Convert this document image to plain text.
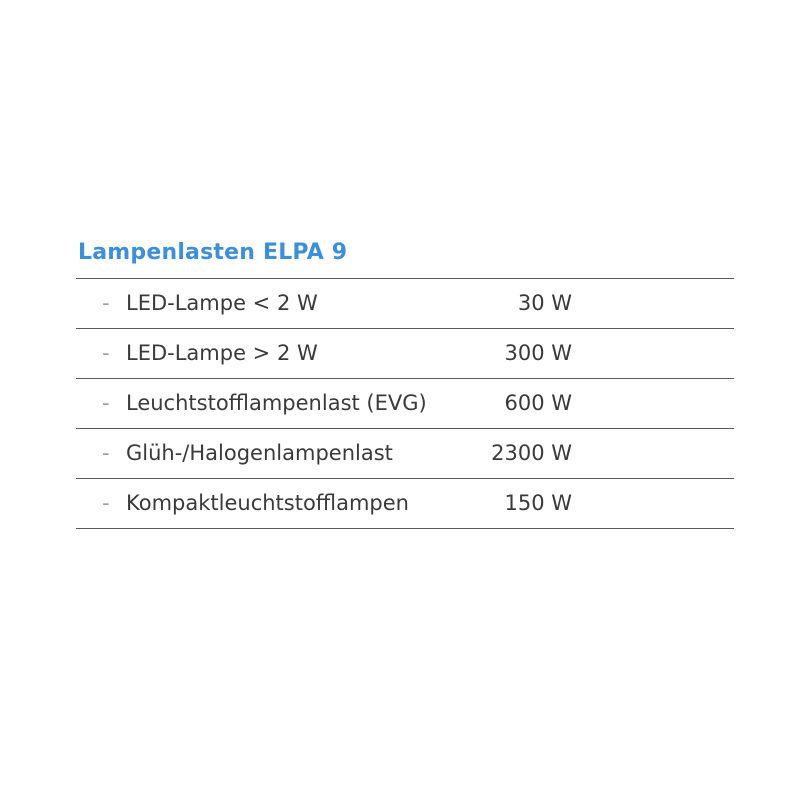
Lampenlasten ELPA 9
- LED-Lampe < 2 W	30 W
- LED-Lampe > 2 W	300 W
- Leuchtstofflampenlast (EVG)	600 W
- Glüh-/Halogenlampenlast	2300 W
- Kompaktleuchtstofflampen	150 W
